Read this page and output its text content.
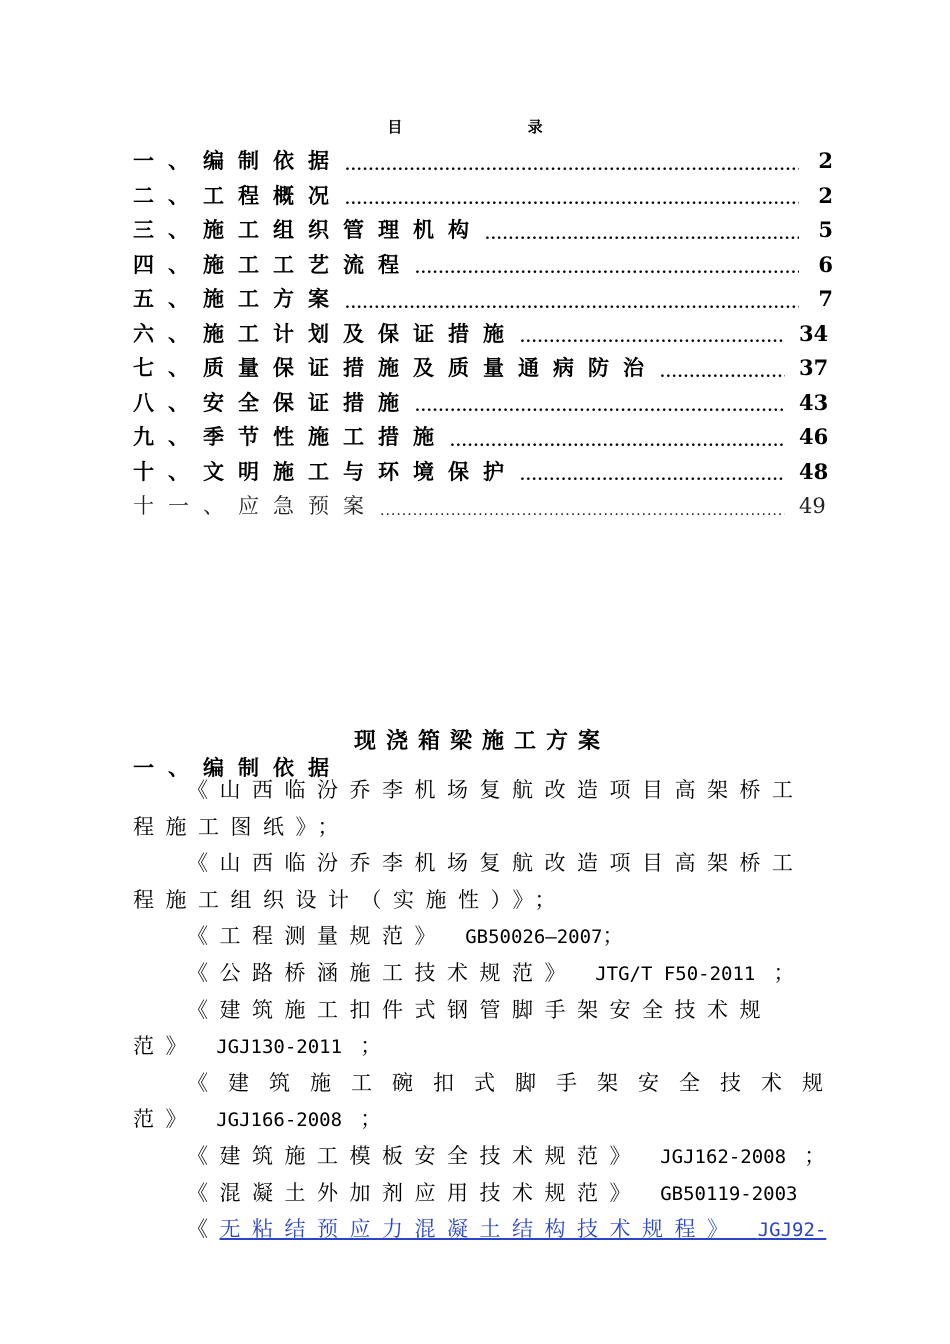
目 录
一、 编制依据 .....	2
二、 工程概况 .....	2
三、 施工组织管理机构 .....	5
四、 施工工艺流程 .....	6
五、 施工方案 .....	7
六、 施工计划及保证措施 .....	34
七、 质量保证措施及质量通病防治 .....	37
八、 安全保证措施 .....	43
九、 季节性施工措施 .....	46
十、 文明施工与环境保护 .....	48
十一、 应急预案 .....	49
现浇箱梁施工方案
一、编制依据
《山西临汾乔李机场复航改造项目高架桥工
程施工图纸》；
《山西临汾乔李机场复航改造项目高架桥工
程施工组织设计（实施性）》；
《工程测量规范》 GB50026—2007；
《公路桥涵施工技术规范》 JTG/T F50-2011 ；
《建筑施工扣件式钢管脚手架安全技术规
范》 JGJ130-2011 ；
《建筑施工碗扣式脚手架安全技术规
范》 JGJ166-2008 ；
《建筑施工模板安全技术规范》 JGJ162-2008 ；
《混凝土外加剂应用技术规范》 GB50119-2003
《无粘结预应力混凝土结构技术规程》 JGJ92-
